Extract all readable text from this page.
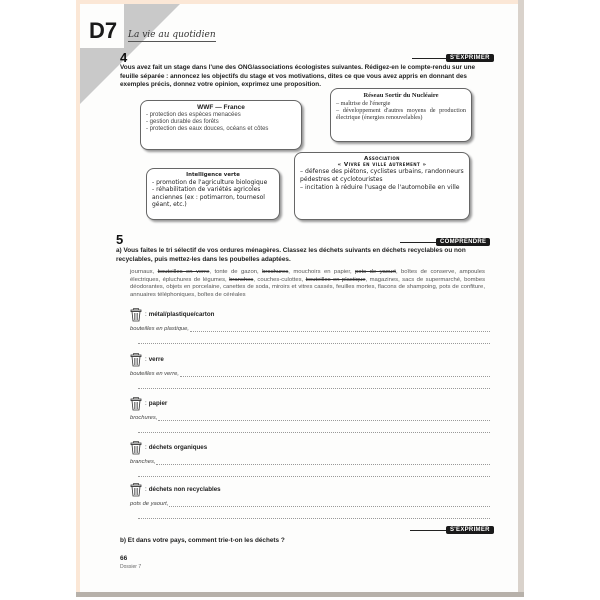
D7 La vie au quotidien
4	S'EXPRIMER
Vous avez fait un stage dans l'une des ONG/associations écologistes suivantes. Rédigez-en le compte-rendu sur une feuille séparée : annoncez les objectifs du stage et vos motivations, dites ce que vous avez appris en donnant des exemples précis, donnez votre opinion, exprimez une proposition.
WWF — France
- protection des espèces menacées
- gestion durable des forêts
- protection des eaux douces, océans et côtes
Réseau Sortir du Nucléaire
– maîtrise de l'énergie
– développement d'autres moyens de production électrique (énergies renouvelables)
Intelligence verte
- promotion de l'agriculture biologique
- réhabilitation de variétés agricoles anciennes (ex : potimarron, tournesol géant, etc.)
Association
« Vivre en ville autrement »
– défense des piétons, cyclistes urbains, randonneurs pédestres et cyclotouristes
– incitation à réduire l'usage de l'automobile en ville
5	COMPRENDRE
a) Vous faites le tri sélectif de vos ordures ménagères. Classez les déchets suivants en déchets recyclables ou non recyclables, puis mettez-les dans les poubelles adaptées.
journaux, bouteilles en verre, tonte de gazon, brochures, mouchoirs en papier, pots de yaourt, boîtes de conserve, ampoules électriques, épluchures de légumes, branches, couches-culottes, bouteilles en plastique, magazines, sacs de supermarché, bombes déodorantes, objets en porcelaine, canettes de soda, miroirs et vitres cassés, feuilles mortes, flacons de shampoing, pots de confiture, annuaires téléphoniques, boîtes de céréales
: métal/plastique/carton
bouteilles en plastique,
: verre
bouteilles en verre,
: papier
brochures,
: déchets organiques
branches,
: déchets non recyclables
pots de yaourt,
S'EXPRIMER
b) Et dans votre pays, comment trie-t-on les déchets ?
66
Dossier 7
